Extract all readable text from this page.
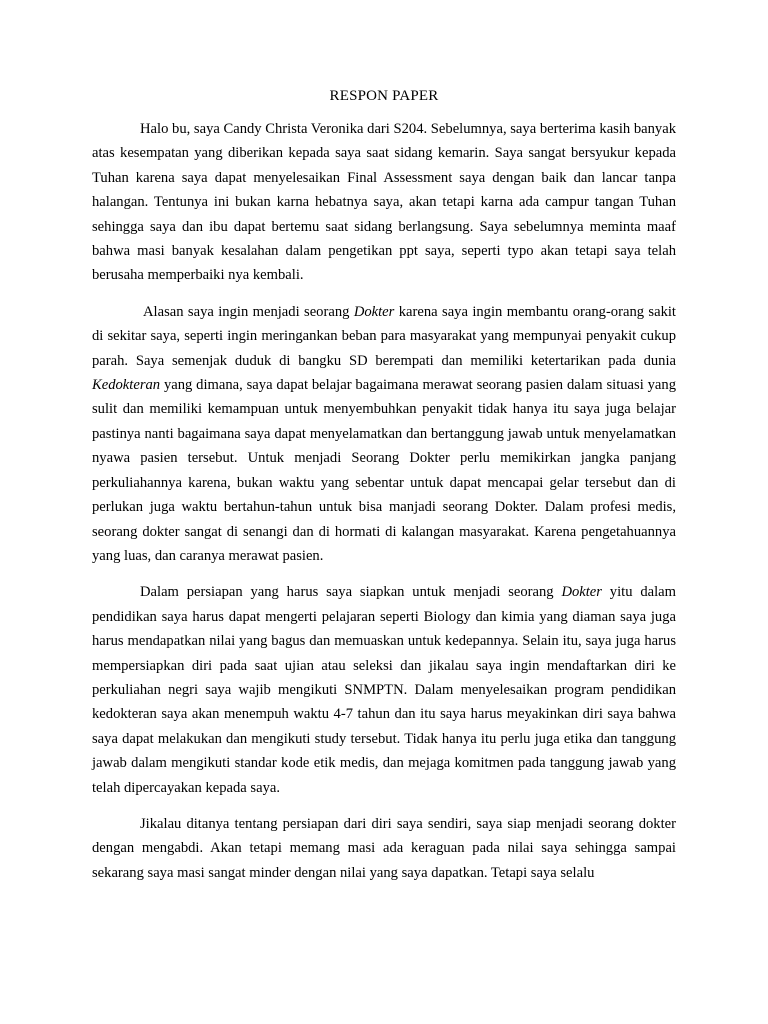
RESPON PAPER

Halo bu, saya Candy Christa Veronika dari S204. Sebelumnya, saya berterima kasih banyak atas kesempatan yang diberikan kepada saya saat sidang kemarin. Saya sangat bersyukur kepada Tuhan karena saya dapat menyelesaikan Final Assessment saya dengan baik dan lancar tanpa halangan. Tentunya ini bukan karna hebatnya saya, akan tetapi karna ada campur tangan Tuhan sehingga saya dan ibu dapat bertemu saat sidang berlangsung. Saya sebelumnya meminta maaf bahwa masi banyak kesalahan dalam pengetikan ppt saya, seperti typo akan tetapi saya telah berusaha memperbaiki nya kembali.

Alasan saya ingin menjadi seorang Dokter karena saya ingin membantu orang-orang sakit di sekitar saya, seperti ingin meringankan beban para masyarakat yang mempunyai penyakit cukup parah. Saya semenjak duduk di bangku SD berempati dan memiliki ketertarikan pada dunia Kedokteran yang dimana, saya dapat belajar bagaimana merawat seorang pasien dalam situasi yang sulit dan memiliki kemampuan untuk menyembuhkan penyakit tidak hanya itu saya juga belajar pastinya nanti bagaimana saya dapat menyelamatkan dan bertanggung jawab untuk menyelamatkan nyawa pasien tersebut. Untuk menjadi Seorang Dokter perlu memikirkan jangka panjang perkuliahannya karena, bukan waktu yang sebentar untuk dapat mencapai gelar tersebut dan di perlukan juga waktu bertahun-tahun untuk bisa manjadi seorang Dokter. Dalam profesi medis, seorang dokter sangat di senangi dan di hormati di kalangan masyarakat. Karena pengetahuannya yang luas, dan caranya merawat pasien.

Dalam persiapan yang harus saya siapkan untuk menjadi seorang Dokter yitu dalam pendidikan saya harus dapat mengerti pelajaran seperti Biology dan kimia yang diaman saya juga harus mendapatkan nilai yang bagus dan memuaskan untuk kedepannya. Selain itu, saya juga harus mempersiapkan diri pada saat ujian atau seleksi dan jikalau saya ingin mendaftarkan diri ke perkuliahan negri saya wajib mengikuti SNMPTN. Dalam menyelesaikan program pendidikan kedokteran saya akan menempuh waktu 4-7 tahun dan itu saya harus meyakinkan diri saya bahwa saya dapat melakukan dan mengikuti study tersebut. Tidak hanya itu perlu juga etika dan tanggung jawab dalam mengikuti standar kode etik medis, dan mejaga komitmen pada tanggung jawab yang telah dipercayakan kepada saya.

Jikalau ditanya tentang persiapan dari diri saya sendiri, saya siap menjadi seorang dokter dengan mengabdi. Akan tetapi memang masi ada keraguan pada nilai saya sehingga sampai sekarang saya masi sangat minder dengan nilai yang saya dapatkan. Tetapi saya selalu
